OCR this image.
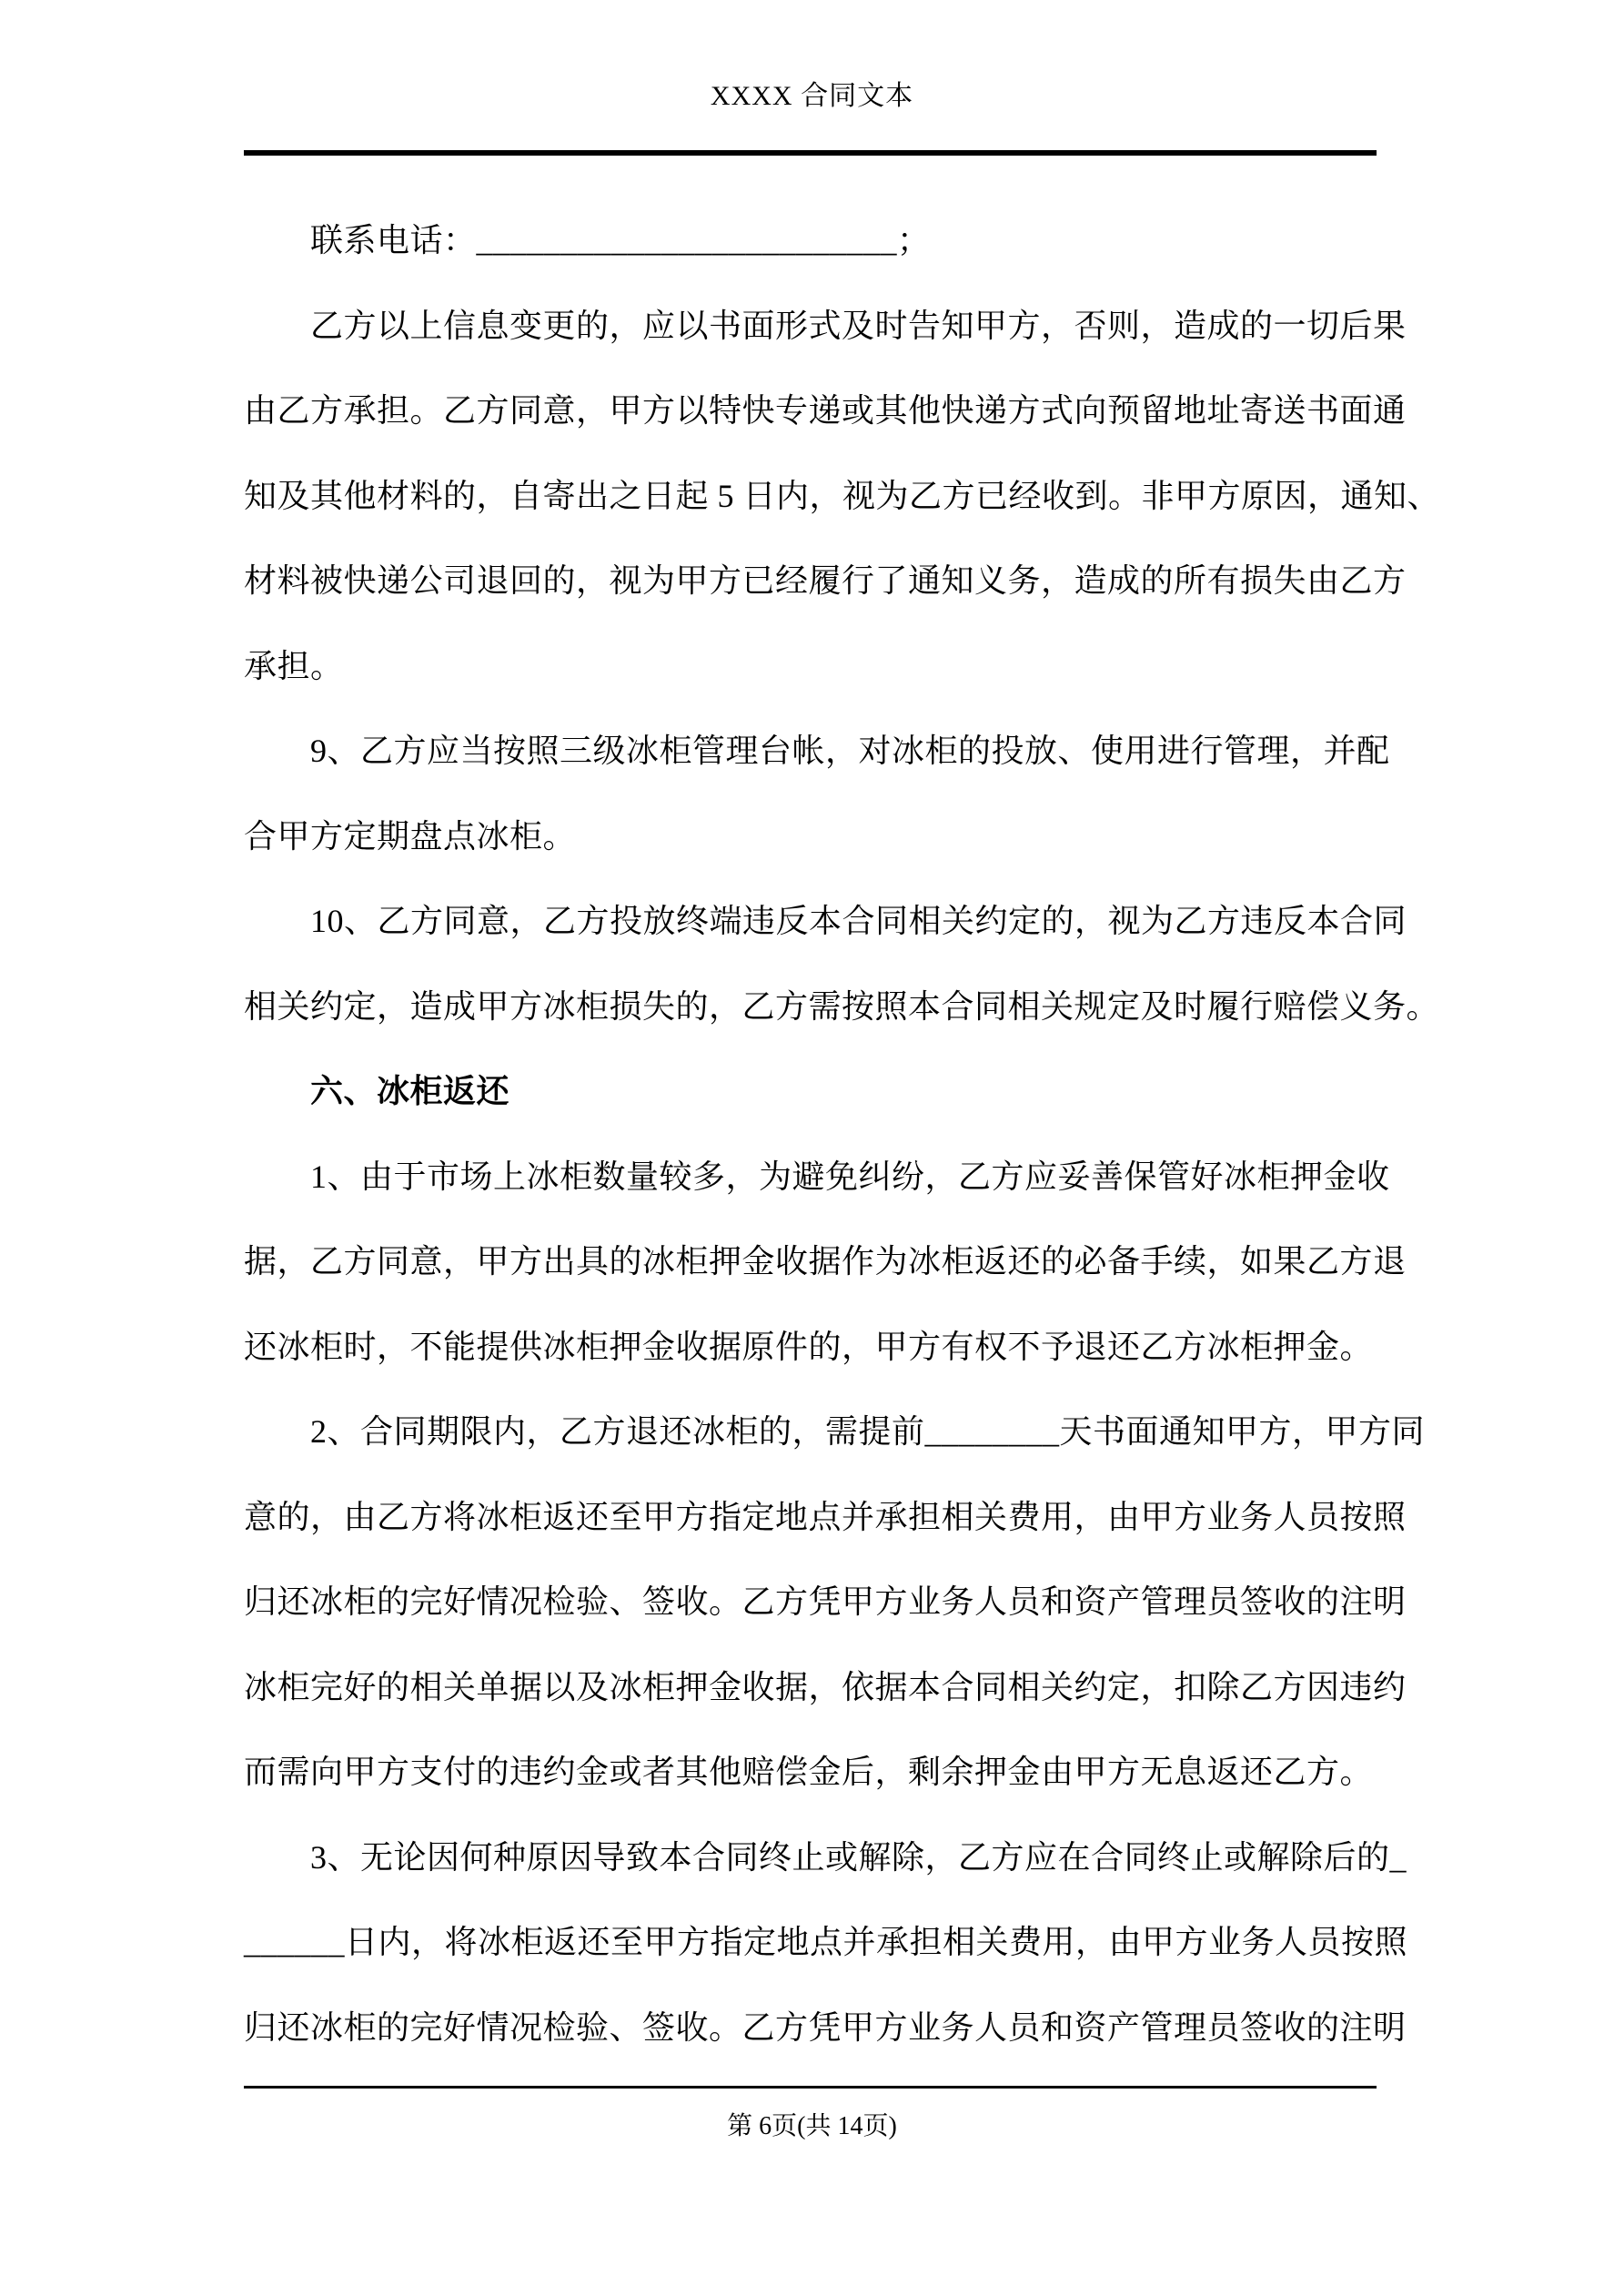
XXXX 合同文本
联系电话：_________________________；
乙方以上信息变更的，应以书面形式及时告知甲方，否则，造成的一切后果
由乙方承担。乙方同意，甲方以特快专递或其他快递方式向预留地址寄送书面通
知及其他材料的，自寄出之日起 5 日内，视为乙方已经收到。非甲方原因，通知、
材料被快递公司退回的，视为甲方已经履行了通知义务，造成的所有损失由乙方
承担。
9、乙方应当按照三级冰柜管理台帐，对冰柜的投放、使用进行管理，并配
合甲方定期盘点冰柜。
10、乙方同意，乙方投放终端违反本合同相关约定的，视为乙方违反本合同
相关约定，造成甲方冰柜损失的，乙方需按照本合同相关规定及时履行赔偿义务。
六、冰柜返还
1、由于市场上冰柜数量较多，为避免纠纷，乙方应妥善保管好冰柜押金收
据，乙方同意，甲方出具的冰柜押金收据作为冰柜返还的必备手续，如果乙方退
还冰柜时，不能提供冰柜押金收据原件的，甲方有权不予退还乙方冰柜押金。
2、合同期限内，乙方退还冰柜的，需提前________天书面通知甲方，甲方同
意的，由乙方将冰柜返还至甲方指定地点并承担相关费用，由甲方业务人员按照
归还冰柜的完好情况检验、签收。乙方凭甲方业务人员和资产管理员签收的注明
冰柜完好的相关单据以及冰柜押金收据，依据本合同相关约定，扣除乙方因违约
而需向甲方支付的违约金或者其他赔偿金后，剩余押金由甲方无息返还乙方。
3、无论因何种原因导致本合同终止或解除，乙方应在合同终止或解除后的_
______日内，将冰柜返还至甲方指定地点并承担相关费用，由甲方业务人员按照
归还冰柜的完好情况检验、签收。乙方凭甲方业务人员和资产管理员签收的注明
第 6页(共 14页)
